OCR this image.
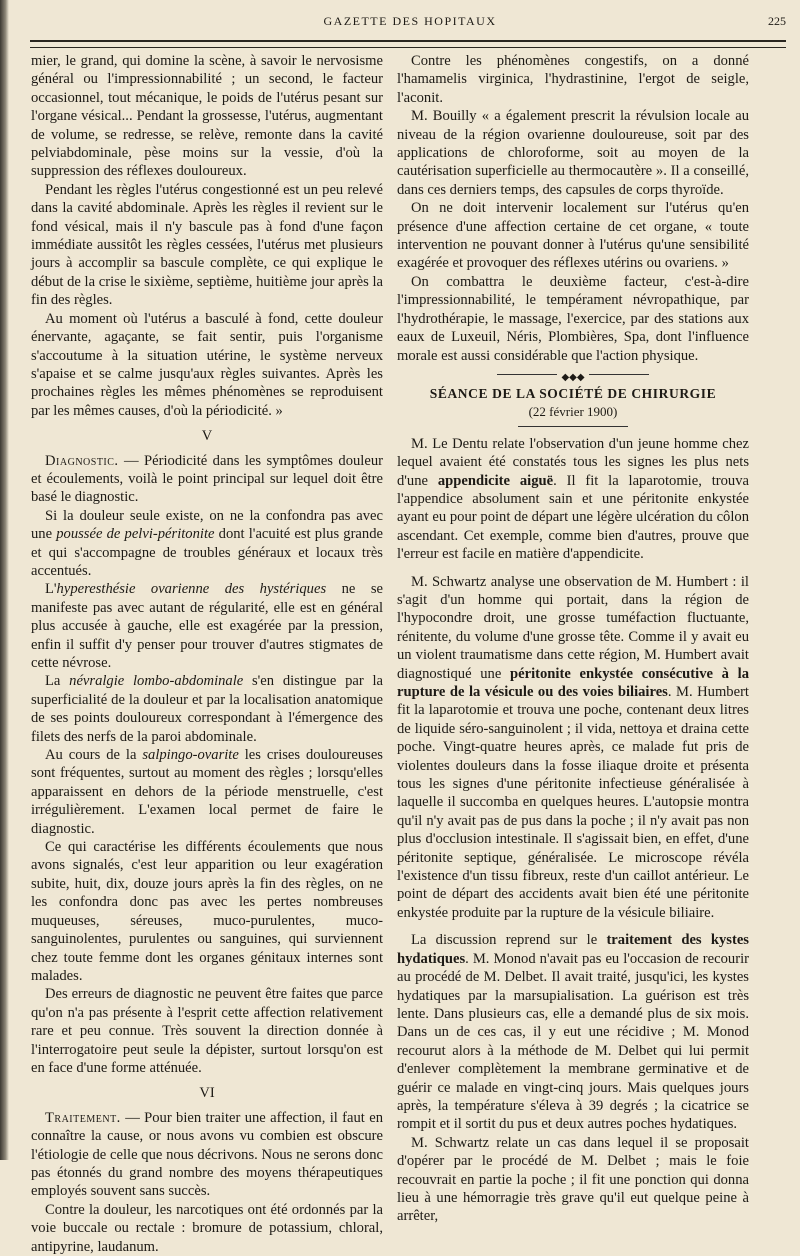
GAZETTE DES HOPITAUX	225

mier, le grand, qui domine la scène, à savoir le nervosisme général ou l'impressionnabilité ; un second, le facteur occasionnel, tout mécanique, le poids de l'utérus pesant sur l'organe vésical... Pendant la grossesse, l'utérus, augmentant de volume, se redresse, se relève, remonte dans la cavité pelviabdominale, pèse moins sur la vessie, d'où la suppression des réflexes douloureux.

Pendant les règles l'utérus congestionné est un peu relevé dans la cavité abdominale. Après les règles il revient sur le fond vésical, mais il n'y bascule pas à fond d'une façon immédiate aussitôt les règles cessées, l'utérus met plusieurs jours à accomplir sa bascule complète, ce qui explique le début de la crise le sixième, septième, huitième jour après la fin des règles.

Au moment où l'utérus a basculé à fond, cette douleur énervante, agaçante, se fait sentir, puis l'organisme s'accoutume à la situation utérine, le système nerveux s'apaise et se calme jusqu'aux règles suivantes. Après les prochaines règles les mêmes phénomènes se reproduisent par les mêmes causes, d'où la périodicité. »

V

Diagnostic. — Périodicité dans les symptômes douleur et écoulements, voilà le point principal sur lequel doit être basé le diagnostic.

Si la douleur seule existe, on ne la confondra pas avec une poussée de pelvi-péritonite dont l'acuité est plus grande et qui s'accompagne de troubles généraux et locaux très accentués.

L'hyperesthésie ovarienne des hystériques ne se manifeste pas avec autant de régularité, elle est en général plus accusée à gauche, elle est exagérée par la pression, enfin il suffit d'y penser pour trouver d'autres stigmates de cette névrose.

La névralgie lombo-abdominale s'en distingue par la superficialité de la douleur et par la localisation anatomique de ses points douloureux correspondant à l'émergence des filets des nerfs de la paroi abdominale.

Au cours de la salpingo-ovarite les crises douloureuses sont fréquentes, surtout au moment des règles ; lorsqu'elles apparaissent en dehors de la période menstruelle, c'est irrégulièrement. L'examen local permet de faire le diagnostic.

Ce qui caractérise les différents écoulements que nous avons signalés, c'est leur apparition ou leur exagération subite, huit, dix, douze jours après la fin des règles, on ne les confondra donc pas avec les pertes nombreuses muqueuses, séreuses, muco-purulentes, muco-sanguinolentes, purulentes ou sanguines, qui surviennent chez toute femme dont les organes génitaux internes sont malades.

Des erreurs de diagnostic ne peuvent être faites que parce qu'on n'a pas présente à l'esprit cette affection relativement rare et peu connue. Très souvent la direction donnée à l'interrogatoire peut seule la dépister, surtout lorsqu'on est en face d'une forme atténuée.

VI

Traitement. — Pour bien traiter une affection, il faut en connaître la cause, or nous avons vu combien est obscure l'étiologie de celle que nous décrivons. Nous ne serons donc pas étonnés du grand nombre des moyens thérapeutiques employés souvent sans succès.

Contre la douleur, les narcotiques ont été ordonnés par la voie buccale ou rectale : bromure de potassium, chloral, antipyrine, laudanum.

Contre les phénomènes congestifs, on a donné l'hamamelis virginica, l'hydrastinine, l'ergot de seigle, l'aconit.

M. Bouilly « a également prescrit la révulsion locale au niveau de la région ovarienne douloureuse, soit par des applications de chloroforme, soit au moyen de la cautérisation superficielle au thermocautère ». Il a conseillé, dans ces derniers temps, des capsules de corps thyroïde.

On ne doit intervenir localement sur l'utérus qu'en présence d'une affection certaine de cet organe, « toute intervention ne pouvant donner à l'utérus qu'une sensibilité exagérée et provoquer des réflexes utérins ou ovariens. »

On combattra le deuxième facteur, c'est-à-dire l'impressionnabilité, le tempérament névropathique, par l'hydrothérapie, le massage, l'exercice, par des stations aux eaux de Luxeuil, Néris, Plombières, Spa, dont l'influence morale est aussi considérable que l'action physique.

◆◆◆
SÉANCE DE LA SOCIÉTÉ DE CHIRURGIE
(22 février 1900)

M. Le Dentu relate l'observation d'un jeune homme chez lequel avaient été constatés tous les signes les plus nets d'une appendicite aiguë. Il fit la laparotomie, trouva l'appendice absolument sain et une péritonite enkystée ayant eu pour point de départ une légère ulcération du côlon ascendant. Cet exemple, comme bien d'autres, prouve que l'erreur est facile en matière d'appendicite.

M. Schwartz analyse une observation de M. Humbert : il s'agit d'un homme qui portait, dans la région de l'hypocondre droit, une grosse tuméfaction fluctuante, rénitente, du volume d'une grosse tête. Comme il y avait eu un violent traumatisme dans cette région, M. Humbert avait diagnostiqué une péritonite enkystée consécutive à la rupture de la vésicule ou des voies biliaires. M. Humbert fit la laparotomie et trouva une poche, contenant deux litres de liquide séro-sanguinolent ; il vida, nettoya et draina cette poche. Vingt-quatre heures après, ce malade fut pris de violentes douleurs dans la fosse iliaque droite et présenta tous les signes d'une péritonite infectieuse généralisée à laquelle il succomba en quelques heures. L'autopsie montra qu'il n'y avait pas de pus dans la poche ; il n'y avait pas non plus d'occlusion intestinale. Il s'agissait bien, en effet, d'une péritonite septique, généralisée. Le microscope révéla l'existence d'un tissu fibreux, reste d'un caillot antérieur. Le point de départ des accidents avait bien été une péritonite enkystée produite par la rupture de la vésicule biliaire.

La discussion reprend sur le traitement des kystes hydatiques. M. Monod n'avait pas eu l'occasion de recourir au procédé de M. Delbet. Il avait traité, jusqu'ici, les kystes hydatiques par la marsupialisation. La guérison est très lente. Dans plusieurs cas, elle a demandé plus de six mois. Dans un de ces cas, il y eut une récidive ; M. Monod recourut alors à la méthode de M. Delbet qui lui permit d'enlever complètement la membrane germinative et de guérir ce malade en vingt-cinq jours. Mais quelques jours après, la température s'éleva à 39 degrés ; la cicatrice se rompit et il sortit du pus et deux autres poches hydatiques.

M. Schwartz relate un cas dans lequel il se proposait d'opérer par le procédé de M. Delbet ; mais le foie recouvrait en partie la poche ; il fit une ponction qui donna lieu à une hémorragie très grave qu'il eut quelque peine à arrêter,
